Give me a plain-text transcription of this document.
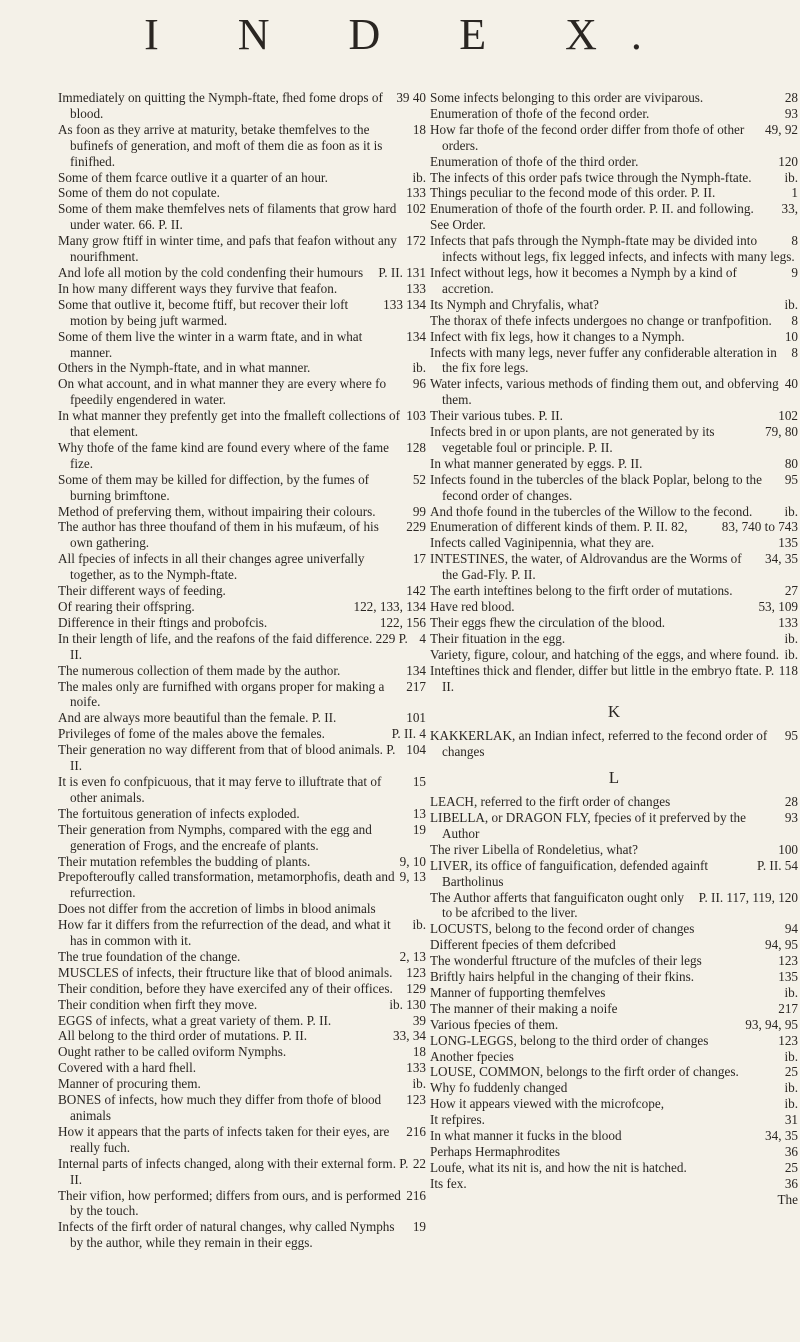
I N D E X.

39 40
Immediately on quitting the Nymph-ftate, fhed fome drops of blood.

18
As foon as they arrive at maturity, betake themfelves to the bufinefs of generation, and moft of them die as foon as it is finifhed.

ib.
Some of them fcarce outlive it a quarter of an hour.

133
Some of them do not copulate.

102
Some of them make themfelves nets of filaments that grow hard under water. 66. P. II.

172
Many grow ftiff in winter time, and pafs that feafon without any nourifhment.

P. II. 131
And lofe all motion by the cold condenfing their humours

133
In how many different ways they furvive that feafon.

133 134
Some that outlive it, become ftiff, but recover their loft motion by being juft warmed.

134
Some of them live the winter in a warm ftate, and in what manner.

ib.
Others in the Nymph-ftate, and in what manner.

96
On what account, and in what manner they are every where fo fpeedily engendered in water.

103
In what manner they prefently get into the fmalleft collections of that element.

128
Why thofe of the fame kind are found every where of the fame fize.

52
Some of them may be killed for diffection, by the fumes of burning brimftone.

99
Method of preferving them, without impairing their colours.

229
The author has three thoufand of them in his mufæum, of his own gathering.

17
All fpecies of infects in all their changes agree univerfally together, as to the Nymph-ftate.

142
Their different ways of feeding.

122, 133, 134
Of rearing their offspring.

122, 156
Difference in their ftings and probofcis.

4
In their length of life, and the reafons of the faid difference. 229 P. II.

134
The numerous collection of them made by the author.

217
The males only are furnifhed with organs proper for making a noife.

101
And are always more beautiful than the female. P. II.

P. II. 4
Privileges of fome of the males above the females.

104
Their generation no way different from that of blood animals. P. II.

15
It is even fo confpicuous, that it may ferve to illuftrate that of other animals.

13
The fortuitous generation of infects exploded.

19
Their generation from Nymphs, compared with the egg and generation of Frogs, and the encreafe of plants.

9, 10
Their mutation refembles the budding of plants.

9, 13
Prepofteroufly called transformation, metamorphofis, death and refurrection.

Does not differ from the accretion of limbs in blood animals

ib.
How far it differs from the refurrection of the dead, and what it has in common with it.

2, 13
The true foundation of the change.

123
MUSCLES of infects, their ftructure like that of blood animals.

129
Their condition, before they have exercifed any of their offices.

ib. 130
Their condition when firft they move.

39
EGGS of infects, what a great variety of them. P. II.

33, 34
All belong to the third order of mutations. P. II.

18
Ought rather to be called oviform Nymphs.

133
Covered with a hard fhell.

ib.
Manner of procuring them.

123
BONES of infects, how much they differ from thofe of blood animals

216
How it appears that the parts of infects taken for their eyes, are really fuch.

22
Internal parts of infects changed, along with their external form. P. II.

216
Their vifion, how performed; differs from ours, and is performed by the touch.

19
Infects of the firft order of natural changes, why called Nymphs by the author, while they remain in their eggs.

28
Some infects belonging to this order are viviparous.

93
Enumeration of thofe of the fecond order.

49, 92
How far thofe of the fecond order differ from thofe of other orders.

120
Enumeration of thofe of the third order.

ib.
The infects of this order pafs twice through the Nymph-ftate.

1
Things peculiar to the fecond mode of this order. P. II.

33,
Enumeration of thofe of the fourth order. P. II. and following.

See Order.

8
Infects that pafs through the Nymph-ftate may be divided into infects without legs, fix legged infects, and infects with many legs.

9
Infect without legs, how it becomes a Nymph by a kind of accretion.

ib.
Its Nymph and Chryfalis, what?

8
The thorax of thefe infects undergoes no change or tranfpofition.

10
Infect with fix legs, how it changes to a Nymph.

8
Infects with many legs, never fuffer any confiderable alteration in the fix fore legs.

40
Water infects, various methods of finding them out, and obferving them.

102
Their various tubes. P. II.

79, 80
Infects bred in or upon plants, are not generated by its vegetable foul or principle. P. II.

80
In what manner generated by eggs. P. II.

95
Infects found in the tubercles of the black Poplar, belong to the fecond order of changes.

ib.
And thofe found in the tubercles of the Willow to the fecond.

83, 740 to 743
Enumeration of different kinds of them. P. II. 82,

135
Infects called Vaginipennia, what they are.

34, 35
INTESTINES, the water, of Aldrovandus are the Worms of the Gad-Fly. P. II.

27
The earth inteftines belong to the firft order of mutations.

53, 109
Have red blood.

133
Their eggs fhew the circulation of the blood.

ib.
Their fituation in the egg.

ib.
Variety, figure, colour, and hatching of the eggs, and where found.

118
Inteftines thick and flender, differ but little in the embryo ftate. P. II.

K

95
KAKKERLAK, an Indian infect, referred to the fecond order of changes

L

28
LEACH, referred to the firft order of changes

93
LIBELLA, or DRAGON FLY, fpecies of it preferved by the Author

100
The river Libella of Rondeletius, what?

P. II. 54
LIVER, its office of fanguification, defended againft Bartholinus

P. II. 117, 119, 120
The Author afferts that fanguificaton ought only to be afcribed to the liver.

94
LOCUSTS, belong to the fecond order of changes

94, 95
Different fpecies of them defcribed

123
The wonderful ftructure of the mufcles of their legs

135
Briftly hairs helpful in the changing of their fkins.

ib.
Manner of fupporting themfelves

217
The manner of their making a noife

93, 94, 95
Various fpecies of them.

123
LONG-LEGGS, belong to the third order of changes

ib.
Another fpecies

25
LOUSE, COMMON, belongs to the firft order of changes.

ib.
Why fo fuddenly changed

ib.
How it appears viewed with the microfcope,

31
It refpires.

34, 35
In what manner it fucks in the blood

36
Perhaps Hermaphrodites

25
Loufe, what its nit is, and how the nit is hatched.

36
Its fex.

The
